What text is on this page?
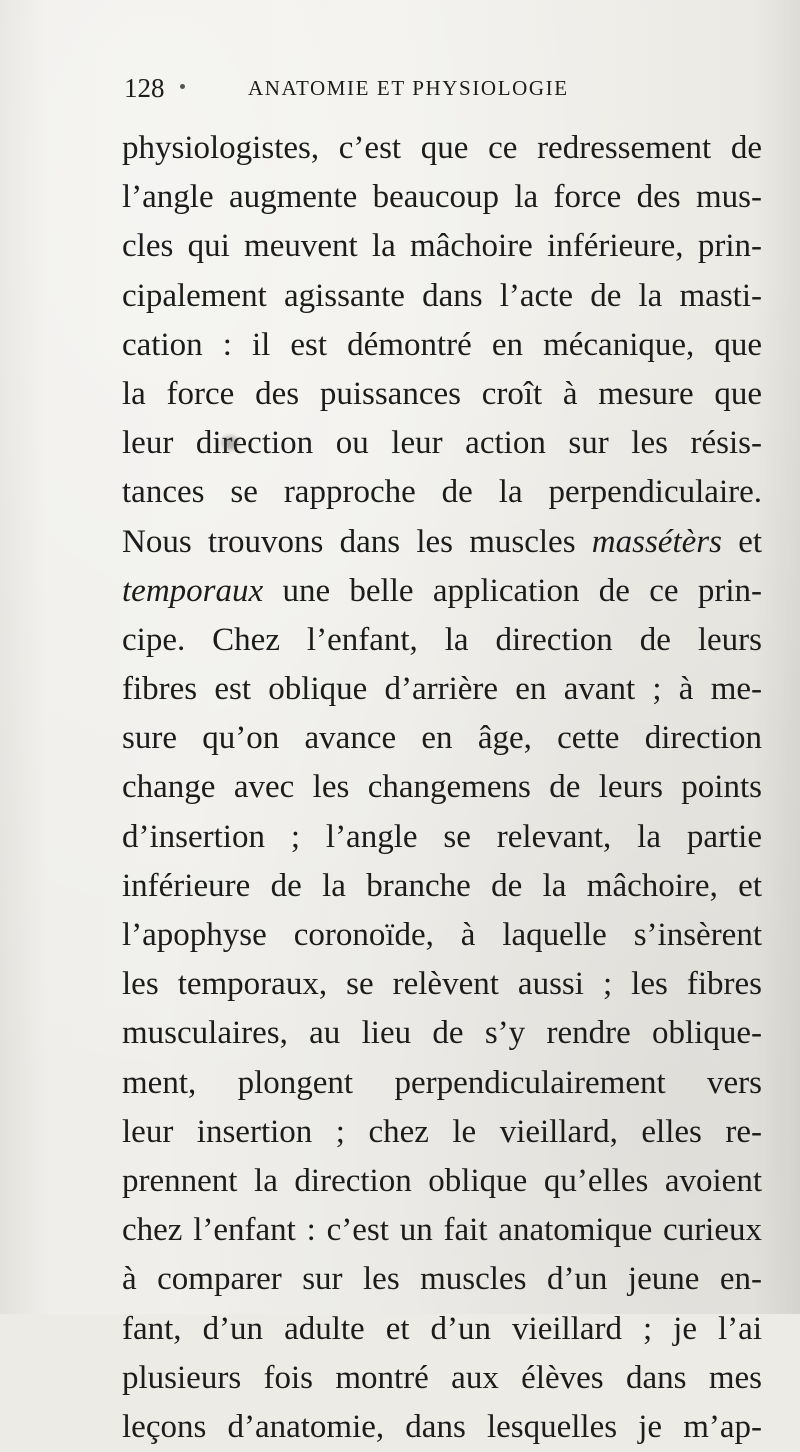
128	ANATOMIE ET PHYSIOLOGIE
physiologistes, c’est que ce redressement de
l’angle augmente beaucoup la force des mus-
cles qui meuvent la mâchoire inférieure, prin-
cipalement agissante dans l’acte de la masti-
cation : il est démontré en mécanique, que
la force des puissances croît à mesure que
leur direction ou leur action sur les résis-
tances se rapproche de la perpendiculaire.
Nous trouvons dans les muscles massétèrs et
temporaux une belle application de ce prin-
cipe. Chez l’enfant, la direction de leurs
fibres est oblique d’arrière en avant ; à me-
sure qu’on avance en âge, cette direction
change avec les changemens de leurs points
d’insertion ; l’angle se relevant, la partie
inférieure de la branche de la mâchoire, et
l’apophyse coronoïde, à laquelle s’insèrent
les temporaux, se relèvent aussi ; les fibres
musculaires, au lieu de s’y rendre oblique-
ment, plongent perpendiculairement vers
leur insertion ; chez le vieillard, elles re-
prennent la direction oblique qu’elles avoient
chez l’enfant : c’est un fait anatomique curieux
à comparer sur les muscles d’un jeune en-
fant, d’un adulte et d’un vieillard ; je l’ai
plusieurs fois montré aux élèves dans mes
leçons d’anatomie, dans lesquelles je m’ap-
